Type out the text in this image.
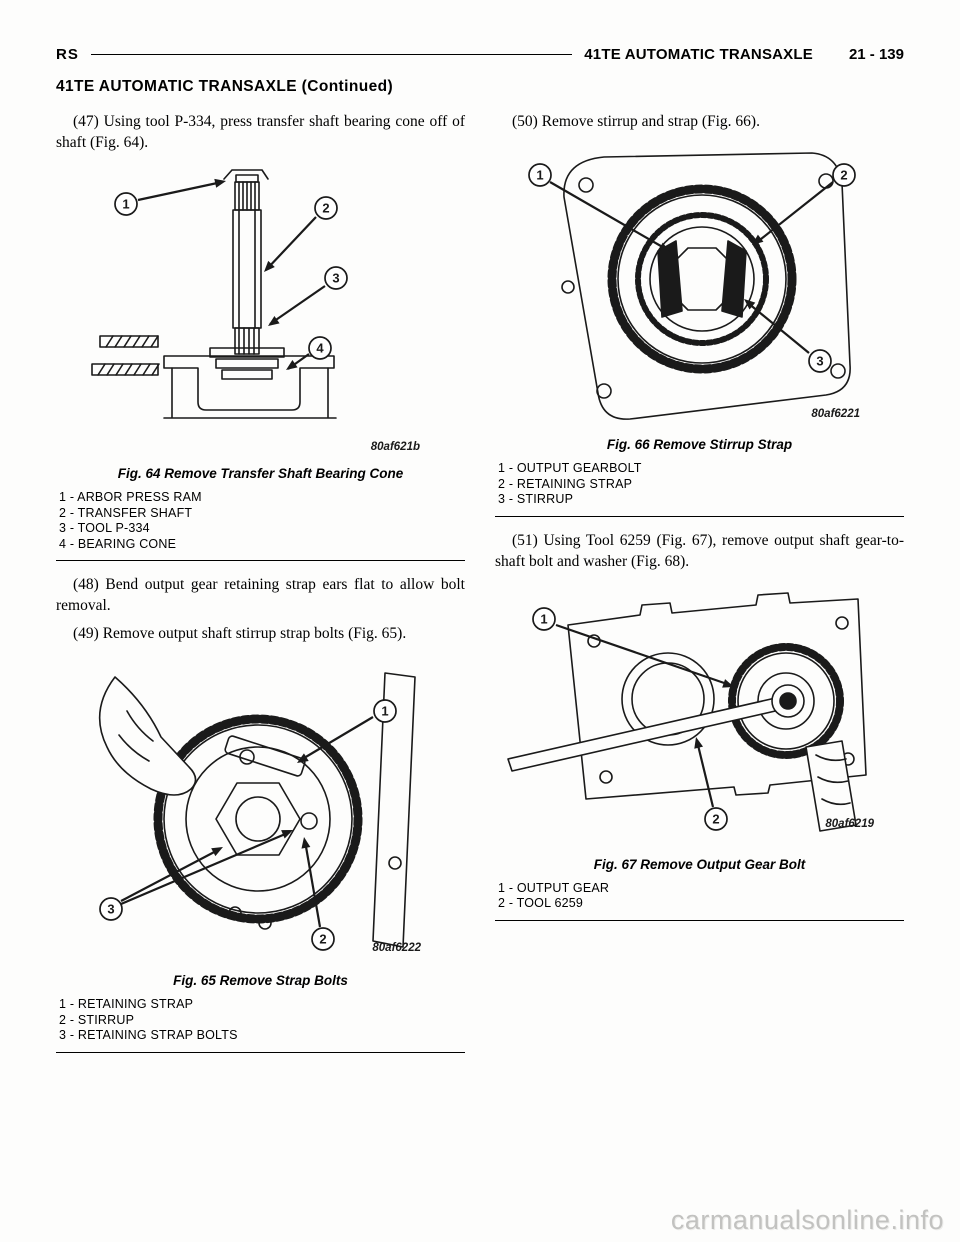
RS	41TE AUTOMATIC TRANSAXLE 21 - 139
41TE AUTOMATIC TRANSAXLE (Continued)

(47) Using tool P-334, press transfer shaft bearing cone off of shaft (Fig. 64).

1	2
3
4
80af621b
Fig. 64 Remove Transfer Shaft Bearing Cone
1 - ARBOR PRESS RAM
2 - TRANSFER SHAFT
3 - TOOL P-334
4 - BEARING CONE

(48) Bend output gear retaining strap ears flat to allow bolt removal.

(49) Remove output shaft stirrup strap bolts (Fig. 65).

1
3
2
80af6222
Fig. 65 Remove Strap Bolts
1 - RETAINING STRAP
2 - STIRRUP
3 - RETAINING STRAP BOLTS

(50) Remove stirrup and strap (Fig. 66).

1	2
3
80af6221
Fig. 66 Remove Stirrup Strap
1 - OUTPUT GEARBOLT
2 - RETAINING STRAP
3 - STIRRUP

(51) Using Tool 6259 (Fig. 67), remove output shaft gear-to-shaft bolt and washer (Fig. 68).

1
2	80af6219
Fig. 67 Remove Output Gear Bolt
1 - OUTPUT GEAR
2 - TOOL 6259
carmanualsonline.info
